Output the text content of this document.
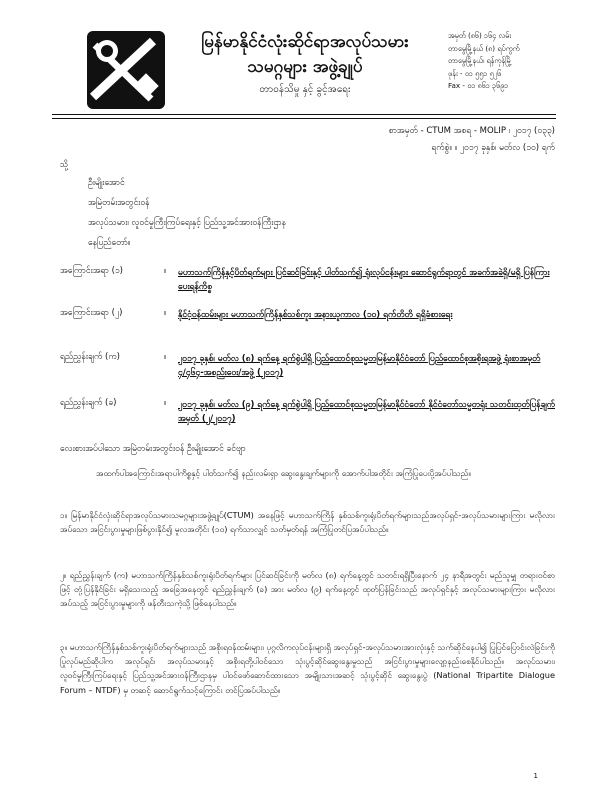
မြန်မာနိုင်ငံလုံးဆိုင်ရာအလုပ်သမား
သမဂ္ဂများ အဖွဲ့ချုပ်
တာဝန်သိမှု နှင့် ခွင့်အရေး
အမှတ် (၈၆) ၁၆၄ လမ်း
တာမွေမြို့နယ် (၈) ရပ်ကွက်
တာမွေမြို့နယ်၊ ရန်ကုန်မြို့
ဖုန်း - ၀၁ ၅၅၁ ၅၂၆
Fax - ၀၁ ၈၆၁ ၃၆၉၁
စာအမှတ် - CTUM အစရ - MOLIP ၊ ၂၀၁၇ (၀၃၃)
ရက်စွဲ။ ။ ၂၀၁၇ ခုနှစ်၊ မတ်လ (၁၀) ရက်
သို့
ဦးမျိုးအောင်
အမြဲတမ်းအတွင်းဝန်
အလုပ်သမား၊ လူဝင်မှုကြီးကြပ်ရေးနှင့် ပြည်သူ့အင်အားဝန်ကြီးဌာန
နေပြည်တော်။
အကြောင်းအရာ (၁)	။ မဟာသက်ကြိန်နှင့်ပိတ်ရက်များ ပြင်ဆင်ခြင်းနှင့် ပါတ်သက်၍ ရုံးလုပ်ငန်းများ ဆောင်ရွက်ရာတွင် အခက်အခဲရှိ/မရှိ ပြန်ကြားပေးရန်ကိစ္စ
အကြောင်းအရာ (၂)	။ နိုင်ငံ့ဝန်ထမ်းများ မဟာသက်ကြိန်နှစ်သစ်ကူး အနားယူကာလ (၁၀) ရက်တိတိ ရရှိခံစားရေး
ရည်ညွှန်းချက် (က)	။ ၂၀၁၇ ခုနှစ်၊ မတ်လ (၈) ရက်နေ့ ရက်စွဲပါရှိ ပြည်ထောင်စုသမ္မတမြန်မာနိုင်ငံတော် ပြည်ထောင်စုအစိုးရအဖွဲ့ ရုံးစာအမှတ် ၄/၄၆၄-အစည်းဝေး/အဖွဲ့ (၂၀၁၇)
ရည်ညွှန်းချက် (ခ)	။ ၂၀၁၇ ခုနှစ်၊ မတ်လ (၉) ရက်နေ့ ရက်စွဲပါရှိ ပြည်ထောင်စုသမ္မတမြန်မာနိုင်ငံတော် နိုင်ငံတော်သမ္မတရုံး သတင်းထုတ်ပြန်ချက်အမှတ် (၂/၂၀၁၇)
လေးစားအပ်ပါသော အမြဲတမ်းအတွင်းဝန် ဦးမျိုးအောင် ခင်ဗျာ
အထက်ပါအကြောင်းအရာပါကိစ္စနှင့် ပါတ်သက်၍ နည်းလမ်းရှာ ဆွေးနွေးချက်များကို အောက်ပါအတိုင်း အကြံပြုပေးပို့အပ်ပါသည်။
၁။ မြန်မာနိုင်ငံလုံးဆိုင်ရာအလုပ်သမားသမဂ္ဂများအဖွဲ့ချုပ်(CTUM) အနေဖြင့် မဟာသက်ကြိန် နှစ်သစ်ကူးရုံးပိတ်ရက်များသည်အလုပ်ရှင်-အလုပ်သမားများကြား မလိုလားအပ်သော အငြင်းပွားမှုများဖြစ်ပွားနိုင်၍ မူလအတိုင်း (၁၀) ရက်သာလျှင် သတ်မှတ်ရန် အကြံပြုတင်ပြအပ်ပါသည်။
၂။ ရည်ညွှန်းချက် (က) မဟာသက်ကြိန်နှစ်သစ်ကူးရုံးပိတ်ရက်များ ပြင်ဆင်ခြင်းကို မတ်လ (၈) ရက်နေ့တွင် သတင်းရရှိပြီးနောက် ၂၄ နာရီအတွင်း မည်သူမျှ တရားဝင်စာဖြင့် တုံ့ပြန်နိုင်ခြင်း မရှိသေးသည့် အခြေအနေတွင် ရည်ညွှန်းချက် (ခ) အား မတ်လ (၉) ရက်နေ့တွင် ထုတ်ပြန်ခြင်းသည် အလုပ်ရှင်နှင့် အလုပ်သမားများကြား မလိုလားအပ်သည့် အငြင်းပွားမှုများကို ဖန်တီးသကဲ့သို့ ဖြစ်နေပါသည်။
၃။ မဟာသက်ကြိန်နှစ်သစ်ကူးရုံးပိတ်ရက်များသည် အစိုးရဝန်ထမ်းများ၊ ပုဂ္ဂလိကလုပ်ငန်းများရှိ အလုပ်ရှင်-အလုပ်သမားအားလုံးနှင့် သက်ဆိုင်နေပါ၍ ပြုပြင်ပြောင်းလဲခြင်းကိုပြုလုပ်မည်ဆိုပါက အလုပ်ရှင်၊ အလုပ်သမားနှင့် အစိုးရတို့ပါဝင်သော သုံးပွင့်ဆိုင်ဆွေးနွေးမှုသည် အငြင်းပွားမှုများလျော့နည်းစေနိုင်ပါသည်။ အလုပ်သမား၊ လူဝင်မှုကြီးကြပ်ရေးနှင့် ပြည်သူ့အင်အားဝန်ကြီးဌာနမှ ပါဝင်ဖော်ဆောင်ထားသော အမျိုးသားအဆင့် သုံးပွင့်ဆိုင် ဆွေးနွေးပွဲ (National Tripartite Dialogue Forum – NTDF) မှ တဆင့် ဆောင်ရွက်သင့်ကြောင်း တင်ပြအပ်ပါသည်။
1
